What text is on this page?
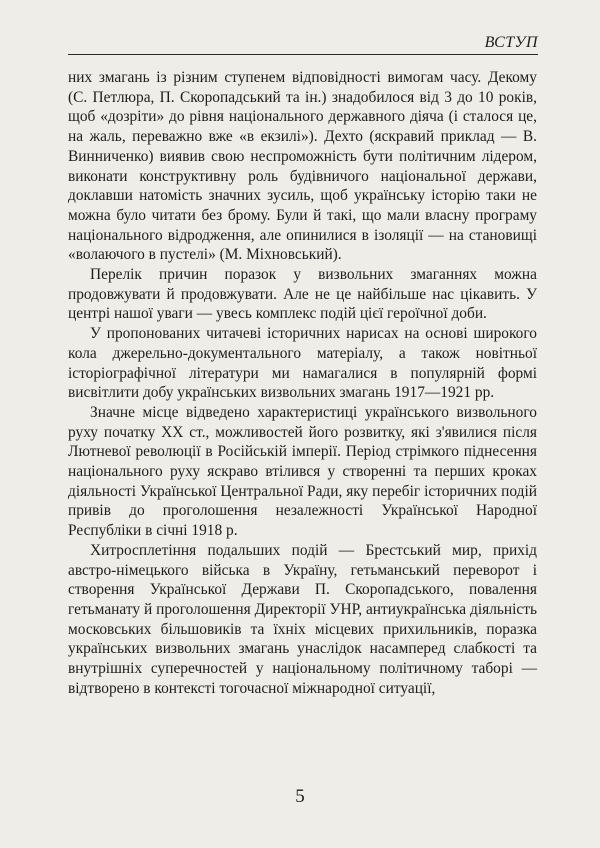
ВСТУП

них змагань із різним ступенем відповідності вимогам часу. Декому (С. Петлюра, П. Скоропадський та ін.) знадобилося від 3 до 10 років, щоб «дозріти» до рівня національного державного діяча (і сталося це, на жаль, переважно вже «в екзилі»). Дехто (яскравий приклад — В. Винниченко) виявив свою неспроможність бути політичним лідером, виконати конструктивну роль будівничого національної держави, доклавши натомість значних зусиль, щоб українську історію таки не можна було читати без брому. Були й такі, що мали власну програму національного відродження, але опинилися в ізоляції — на становищі «волаючого в пустелі» (М. Міхновський).

Перелік причин поразок у визвольних змаганнях можна продовжувати й продовжувати. Але не це найбільше нас цікавить. У центрі нашої уваги — увесь комплекс подій цієї героїчної доби.

У пропонованих читачеві історичних нарисах на основі широкого кола джерельно-документального матеріалу, а також новітньої історіографічної літератури ми намагалися в популярній формі висвітлити добу українських визвольних змагань 1917—1921 рр.

Значне місце відведено характеристиці українського визвольного руху початку XX ст., можливостей його розвитку, які з'явилися після Лютневої революції в Російській імперії. Період стрімкого піднесення національного руху яскраво втілився у створенні та перших кроках діяльності Української Центральної Ради, яку перебіг історичних подій привів до проголошення незалежності Української Народної Республіки в січні 1918 р.

Хитросплетіння подальших подій — Брестський мир, прихід австро-німецького війська в Україну, гетьманський переворот і створення Української Держави П. Скоропадського, повалення гетьманату й проголошення Директорії УНР, антиукраїнська діяльність московських більшовиків та їхніх місцевих прихильників, поразка українських визвольних змагань унаслідок насамперед слабкості та внутрішніх суперечностей у національному політичному таборі — відтворено в контексті тогочасної міжнародної ситуації,

5
